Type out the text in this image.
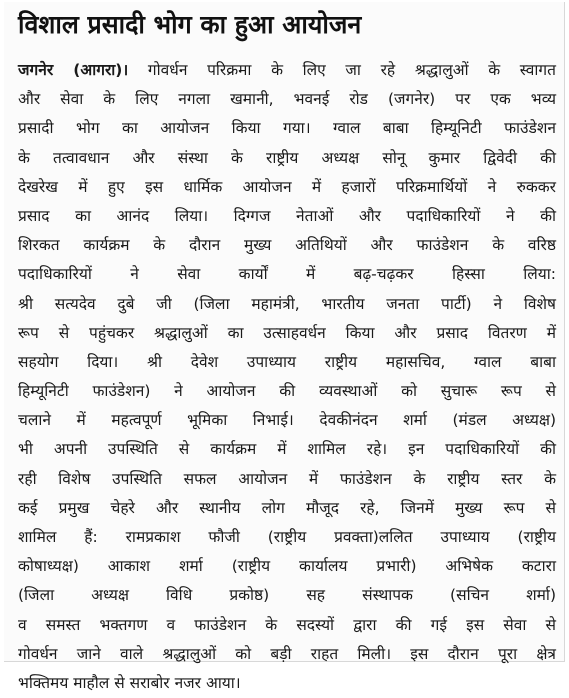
विशाल प्रसादी भोग का हुआ आयोजन
जगनेर (आगरा)। गोवर्धन परिक्रमा के लिए जा रहे श्रद्धालुओं के स्वागत
और सेवा के लिए नगला खमानी, भवनई रोड (जगनेर) पर एक भव्य
प्रसादी भोग का आयोजन किया गया। ग्वाल बाबा हिम्यूनिटी फाउंडेशन
के तत्वावधान और संस्था के राष्ट्रीय अध्यक्ष सोनू कुमार द्विवेदी की
देखरेख में हुए इस धार्मिक आयोजन में हजारों परिक्रमार्थियों ने रुककर
प्रसाद का आनंद लिया। दिग्गज नेताओं और पदाधिकारियों ने की
शिरकत कार्यक्रम के दौरान मुख्य अतिथियों और फाउंडेशन के वरिष्ठ
पदाधिकारियों ने सेवा कार्यों में बढ़-चढ़कर हिस्सा लिया:
श्री सत्यदेव दुबे जी (जिला महामंत्री, भारतीय जनता पार्टी) ने विशेष
रूप से पहुंचकर श्रद्धालुओं का उत्साहवर्धन किया और प्रसाद वितरण में
सहयोग दिया। श्री देवेश उपाध्याय राष्ट्रीय महासचिव, ग्वाल बाबा
हिम्यूनिटी फाउंडेशन) ने आयोजन की व्यवस्थाओं को सुचारू रूप से
चलाने में महत्वपूर्ण भूमिका निभाई। देवकीनंदन शर्मा (मंडल अध्यक्ष)
भी अपनी उपस्थिति से कार्यक्रम में शामिल रहे। इन पदाधिकारियों की
रही विशेष उपस्थिति सफल आयोजन में फाउंडेशन के राष्ट्रीय स्तर के
कई प्रमुख चेहरे और स्थानीय लोग मौजूद रहे, जिनमें मुख्य रूप से
शामिल हैं: रामप्रकाश फौजी (राष्ट्रीय प्रवक्ता)ललित उपाध्याय (राष्ट्रीय
कोषाध्यक्ष) आकाश शर्मा (राष्ट्रीय कार्यालय प्रभारी) अभिषेक कटारा
(जिला अध्यक्ष विधि प्रकोष्ठ) सह संस्थापक (सचिन शर्मा)
व समस्त भक्तगण व फाउंडेशन के सदस्यों द्वारा की गई इस सेवा से
गोवर्धन जाने वाले श्रद्धालुओं को बड़ी राहत मिली। इस दौरान पूरा क्षेत्र
भक्तिमय माहौल से सराबोर नजर आया।
